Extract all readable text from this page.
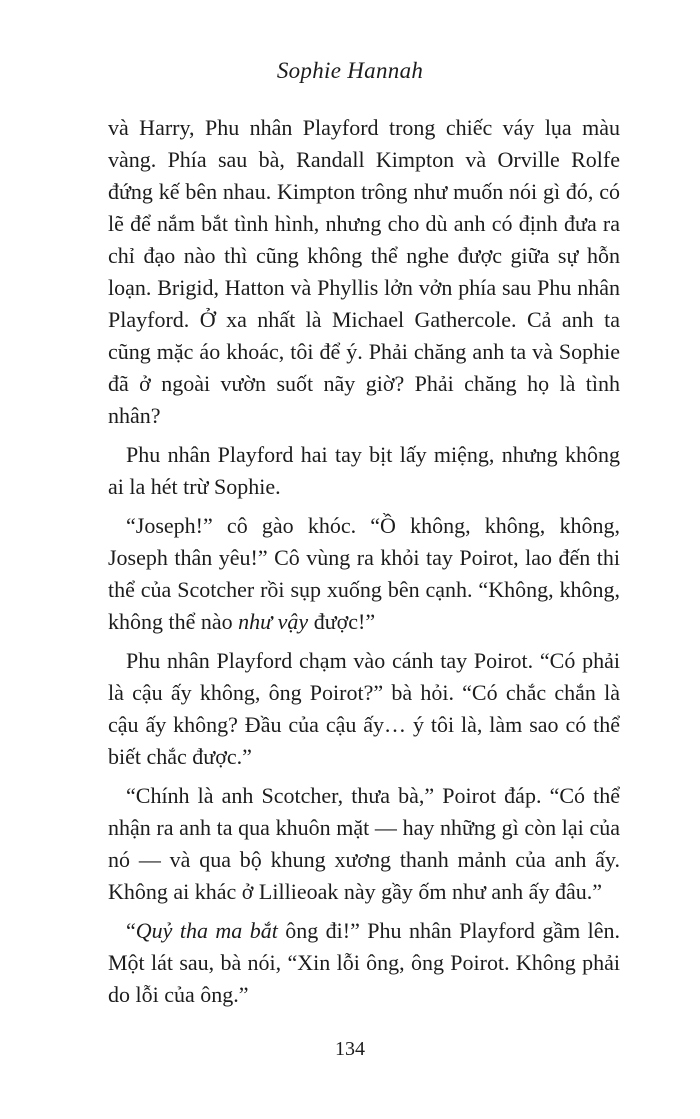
Sophie Hannah

và Harry, Phu nhân Playford trong chiếc váy lụa màu vàng. Phía sau bà, Randall Kimpton và Orville Rolfe đứng kế bên nhau. Kimpton trông như muốn nói gì đó, có lẽ để nắm bắt tình hình, nhưng cho dù anh có định đưa ra chỉ đạo nào thì cũng không thể nghe được giữa sự hỗn loạn. Brigid, Hatton và Phyllis lởn vởn phía sau Phu nhân Playford. Ở xa nhất là Michael Gathercole. Cả anh ta cũng mặc áo khoác, tôi để ý. Phải chăng anh ta và Sophie đã ở ngoài vườn suốt nãy giờ? Phải chăng họ là tình nhân?

Phu nhân Playford hai tay bịt lấy miệng, nhưng không ai la hét trừ Sophie.

“Joseph!” cô gào khóc. “Ồ không, không, không, Joseph thân yêu!” Cô vùng ra khỏi tay Poirot, lao đến thi thể của Scotcher rồi sụp xuống bên cạnh. “Không, không, không thể nào như vậy được!”

Phu nhân Playford chạm vào cánh tay Poirot. “Có phải là cậu ấy không, ông Poirot?” bà hỏi. “Có chắc chắn là cậu ấy không? Đầu của cậu ấy… ý tôi là, làm sao có thể biết chắc được.”

“Chính là anh Scotcher, thưa bà,” Poirot đáp. “Có thể nhận ra anh ta qua khuôn mặt — hay những gì còn lại của nó — và qua bộ khung xương thanh mảnh của anh ấy. Không ai khác ở Lillieoak này gầy ốm như anh ấy đâu.”

“Quỷ tha ma bắt ông đi!” Phu nhân Playford gầm lên. Một lát sau, bà nói, “Xin lỗi ông, ông Poirot. Không phải do lỗi của ông.”

134
